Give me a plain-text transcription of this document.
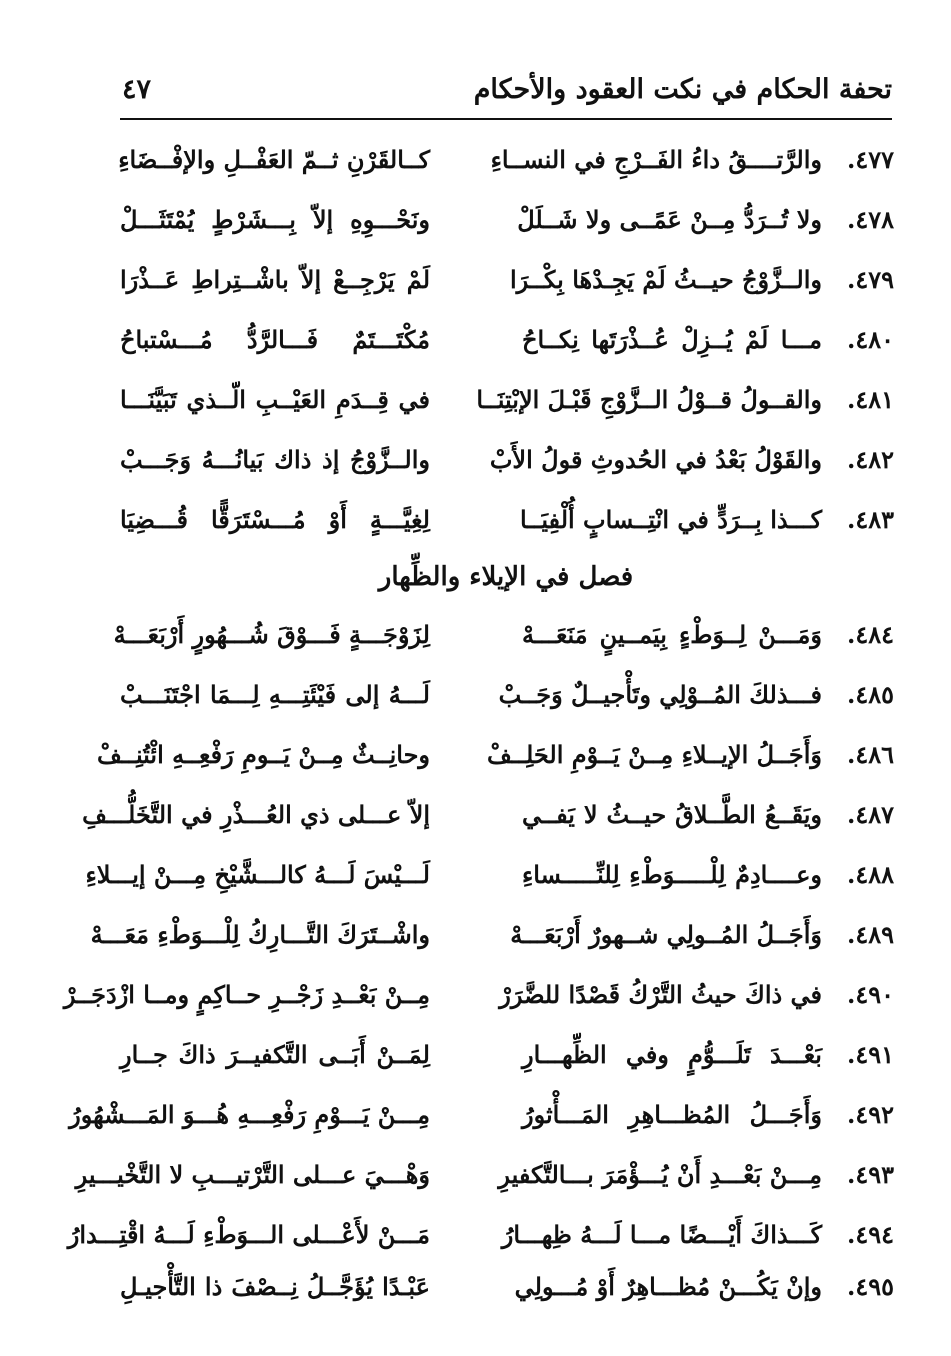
تحفة الحكام في نكت العقود والأحكام
٤٧
٤٧٧.
والرَّتــــقُ داءُ الفَــرْجِ في النســاءِ
كــالقَرْنِ ثــمّ العَفْــلِ والإفْــضَاءِ
٤٧٨.
ولا تُــرَدُّ مِــنْ عَمًــى ولا شَــلَلْ
ونَحْـــوِهِ إلاّ بِـــشَرْطٍ يُمْتَثَـــلْ
٤٧٩.
والــزَّوْجُ حيــثُ لَمْ يَجِـدْهَا بِكْــرَا
لَمْ يَرْجِــعْ إلاّ باشْــتِراطِ عَــذْرَا
٤٨٠.
مـــا لَمْ يُــزِلْ عُــذْرَتَها نِكــاحُ
مُكْتَـــتَمٌ فَـــالرَّدُّ مُـــسْتباحُ
٤٨١.
والقــولُ قــوْلُ الــزَّوْجِ قَبْـلَ الإبْتِنَــا
في قِــدَمِ العَيْــبِ الّــذي تَبَيَّنَـــا
٤٨٢.
والقَوْلُ بَعْدُ في الحُدوثِ قولُ الأَبْ
والــزَّوْجُ إذ ذاك بَيانُـــهُ وَجَـــبْ
٤٨٣.
كـــذا بِــرَدٍّ في انْتِــسابٍ أُلْفِيَــا
لِغِيَّـــةٍ أَوْ مُـــسْتَرَقًّا قُـــضِيَا
فصل في الإيلاء والظِّهار
٤٨٤.
وَمَـــنْ لِــوَطْءٍ بِيَمــينٍ مَنَعَـــهْ
لِزَوْجَـــةٍ فَـــوْقَ شُـــهُورٍ أَرْبَعَـــهْ
٤٨٥.
فـــذلكَ المُــوْلِي وتَأْجيــلٌ وَجَــبْ
لَـــهُ إلى فَيْئَتِـــهِ لِـــمَا اجْتَنَـــبْ
٤٨٦.
وَأَجَــلُ الإيــلاءِ مِــنْ يَــوْمِ الحَلِــفْ
وحانِــثٌ مِــنْ يَــومِ رَفْعِــهِ ائْتُنِــفْ
٤٨٧.
ويَقَــعُ الطَّــلاقُ حيــثُ لا يَفــي
إلاّ عـــلى ذي العُـــذْرِ في التَّخَلُّـــفِ
٤٨٨.
وعــــادِمٌ لِلْـــــوَطْءِ لِلنِّـــــساءِ
لَـــيْسَ لَـــهُ كالـــشَّيْخِ مِـــنْ إيـــلاءِ
٤٨٩.
وَأَجَــلُ المُــولِي شــهورٌ أَرْبَعَـــهْ
واشْــتَرَكَ التَّـــارِكُ لِلْـــوَطْءِ مَعَـــهْ
٤٩٠.
في ذاكَ حيثُ التَّرْكُ قَصْدًا للضَّرَرْ
مِــنْ بَعْــدِ زَجْــرِ حــاكِمٍ ومــا ازْدَجَــرْ
٤٩١.
بَعْـــدَ تَلَـــوُّمٍ وفي الظِّهـــارِ
لِمَــنْ أَبَــى التَّكفيــرَ ذاكَ جــارِ
٤٩٢.
وَأَجَـــلُ المُظـــاهِرِ المَـــأْثورُ
مِـــنْ يَـــوْمِ رَفْعِـــهِ هُـــوَ المَـــشْهُورُ
٤٩٣.
مِـــنْ بَعْـــدِ أَنْ يُـــؤْمَرَ بـــالتَّكفيرِ
وَهْـــيَ عـــلى التَّرْتيـــبِ لا التَّخْيـــيرِ
٤٩٤.
كَـــذاكَ أَيْـــضًا مـــا لَـــهُ ظِهـــارُ
مَـــنْ لأَعْـــلى الـــوَطْءِ لَـــهُ اقْتِـــدارُ
٤٩٥.
وإنْ يَكُـــنْ مُظـــاهِرٌ أَوْ مُـــولِي
عَبْـدًا يُؤَجَّــلُ نِــصْفَ ذا التَّأْجيـلِ
